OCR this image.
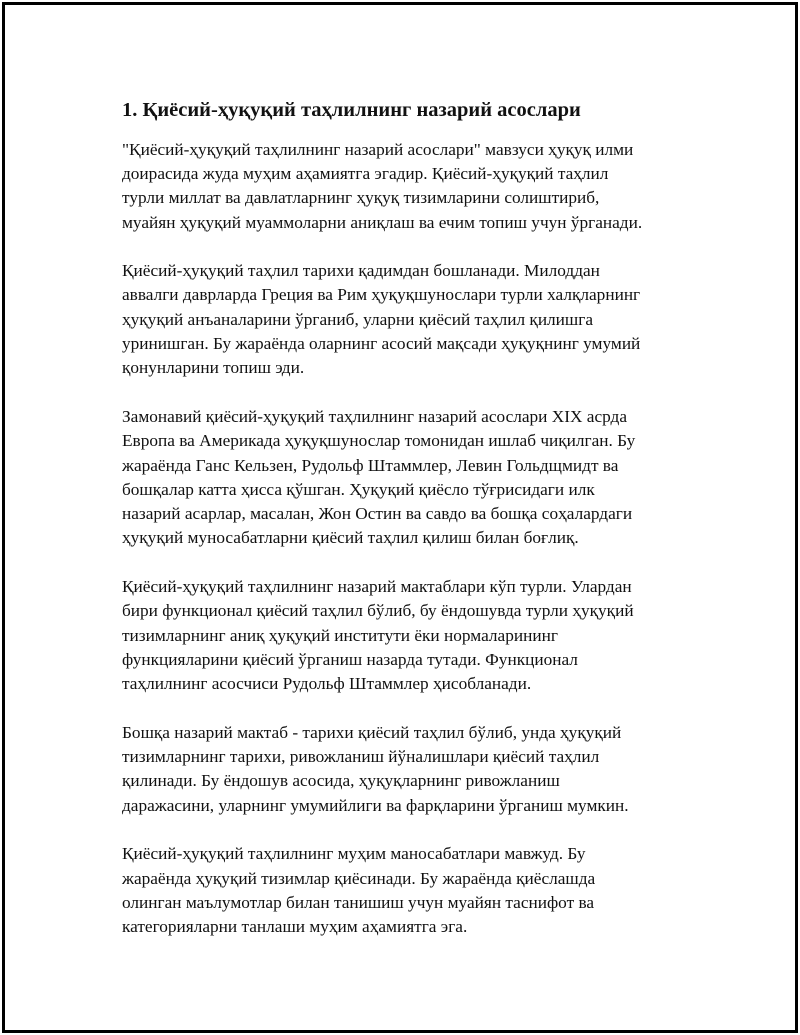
1. Қиёсий-ҳуқуқий таҳлилнинг назарий асослари

"Қиёсий-ҳуқуқий таҳлилнинг назарий асослари" мавзуси ҳуқуқ илми
доирасида жуда муҳим аҳамиятга эгадир. Қиёсий-ҳуқуқий таҳлил
турли миллат ва давлатларнинг ҳуқуқ тизимларини солиштириб,
муайян ҳуқуқий муаммоларни аниқлаш ва ечим топиш учун ўрганади.

Қиёсий-ҳуқуқий таҳлил тарихи қадимдан бошланади. Милоддан
аввалги даврларда Греция ва Рим ҳуқуқшунослари турли халқларнинг
ҳуқуқий анъаналарини ўрганиб, уларни қиёсий таҳлил қилишга
уринишган. Бу жараёнда оларнинг асосий мақсади ҳуқуқнинг умумий
қонунларини топиш эди.

Замонавий қиёсий-ҳуқуқий таҳлилнинг назарий асослари XIX асрда
Европа ва Америкада ҳуқуқшунослар томонидан ишлаб чиқилган. Бу
жараёнда Ганс Кельзен, Рудольф Штаммлер, Левин Гольдщмидт ва
бошқалар катта ҳисса қўшган. Ҳуқуқий қиёсло тўғрисидаги илк
назарий асарлар, масалан, Жон Остин ва савдо ва бошқа соҳалардаги
ҳуқуқий муносабатларни қиёсий таҳлил қилиш билан боғлиқ.

Қиёсий-ҳуқуқий таҳлилнинг назарий мактаблари кўп турли. Улардан
бири функционал қиёсий таҳлил бўлиб, бу ёндошувда турли ҳуқуқий
тизимларнинг аниқ ҳуқуқий институти ёки нормаларининг
функцияларини қиёсий ўрганиш назарда тутади. Функционал
таҳлилнинг асосчиси Рудольф Штаммлер ҳисобланади.

Бошқа назарий мактаб - тарихи қиёсий таҳлил бўлиб, унда ҳуқуқий
тизимларнинг тарихи, ривожланиш йўналишлари қиёсий таҳлил
қилинади. Бу ёндошув асосида, ҳуқуқларнинг ривожланиш
даражасини, уларнинг умумийлиги ва фарқларини ўрганиш мумкин.

Қиёсий-ҳуқуқий таҳлилнинг муҳим маносабатлари мавжуд. Бу
жараёнда ҳуқуқий тизимлар қиёсинади. Бу жараёнда қиёслашда
олинган маълумотлар билан танишиш учун муайян таснифот ва
категорияларни танлаши муҳим аҳамиятга эга.
